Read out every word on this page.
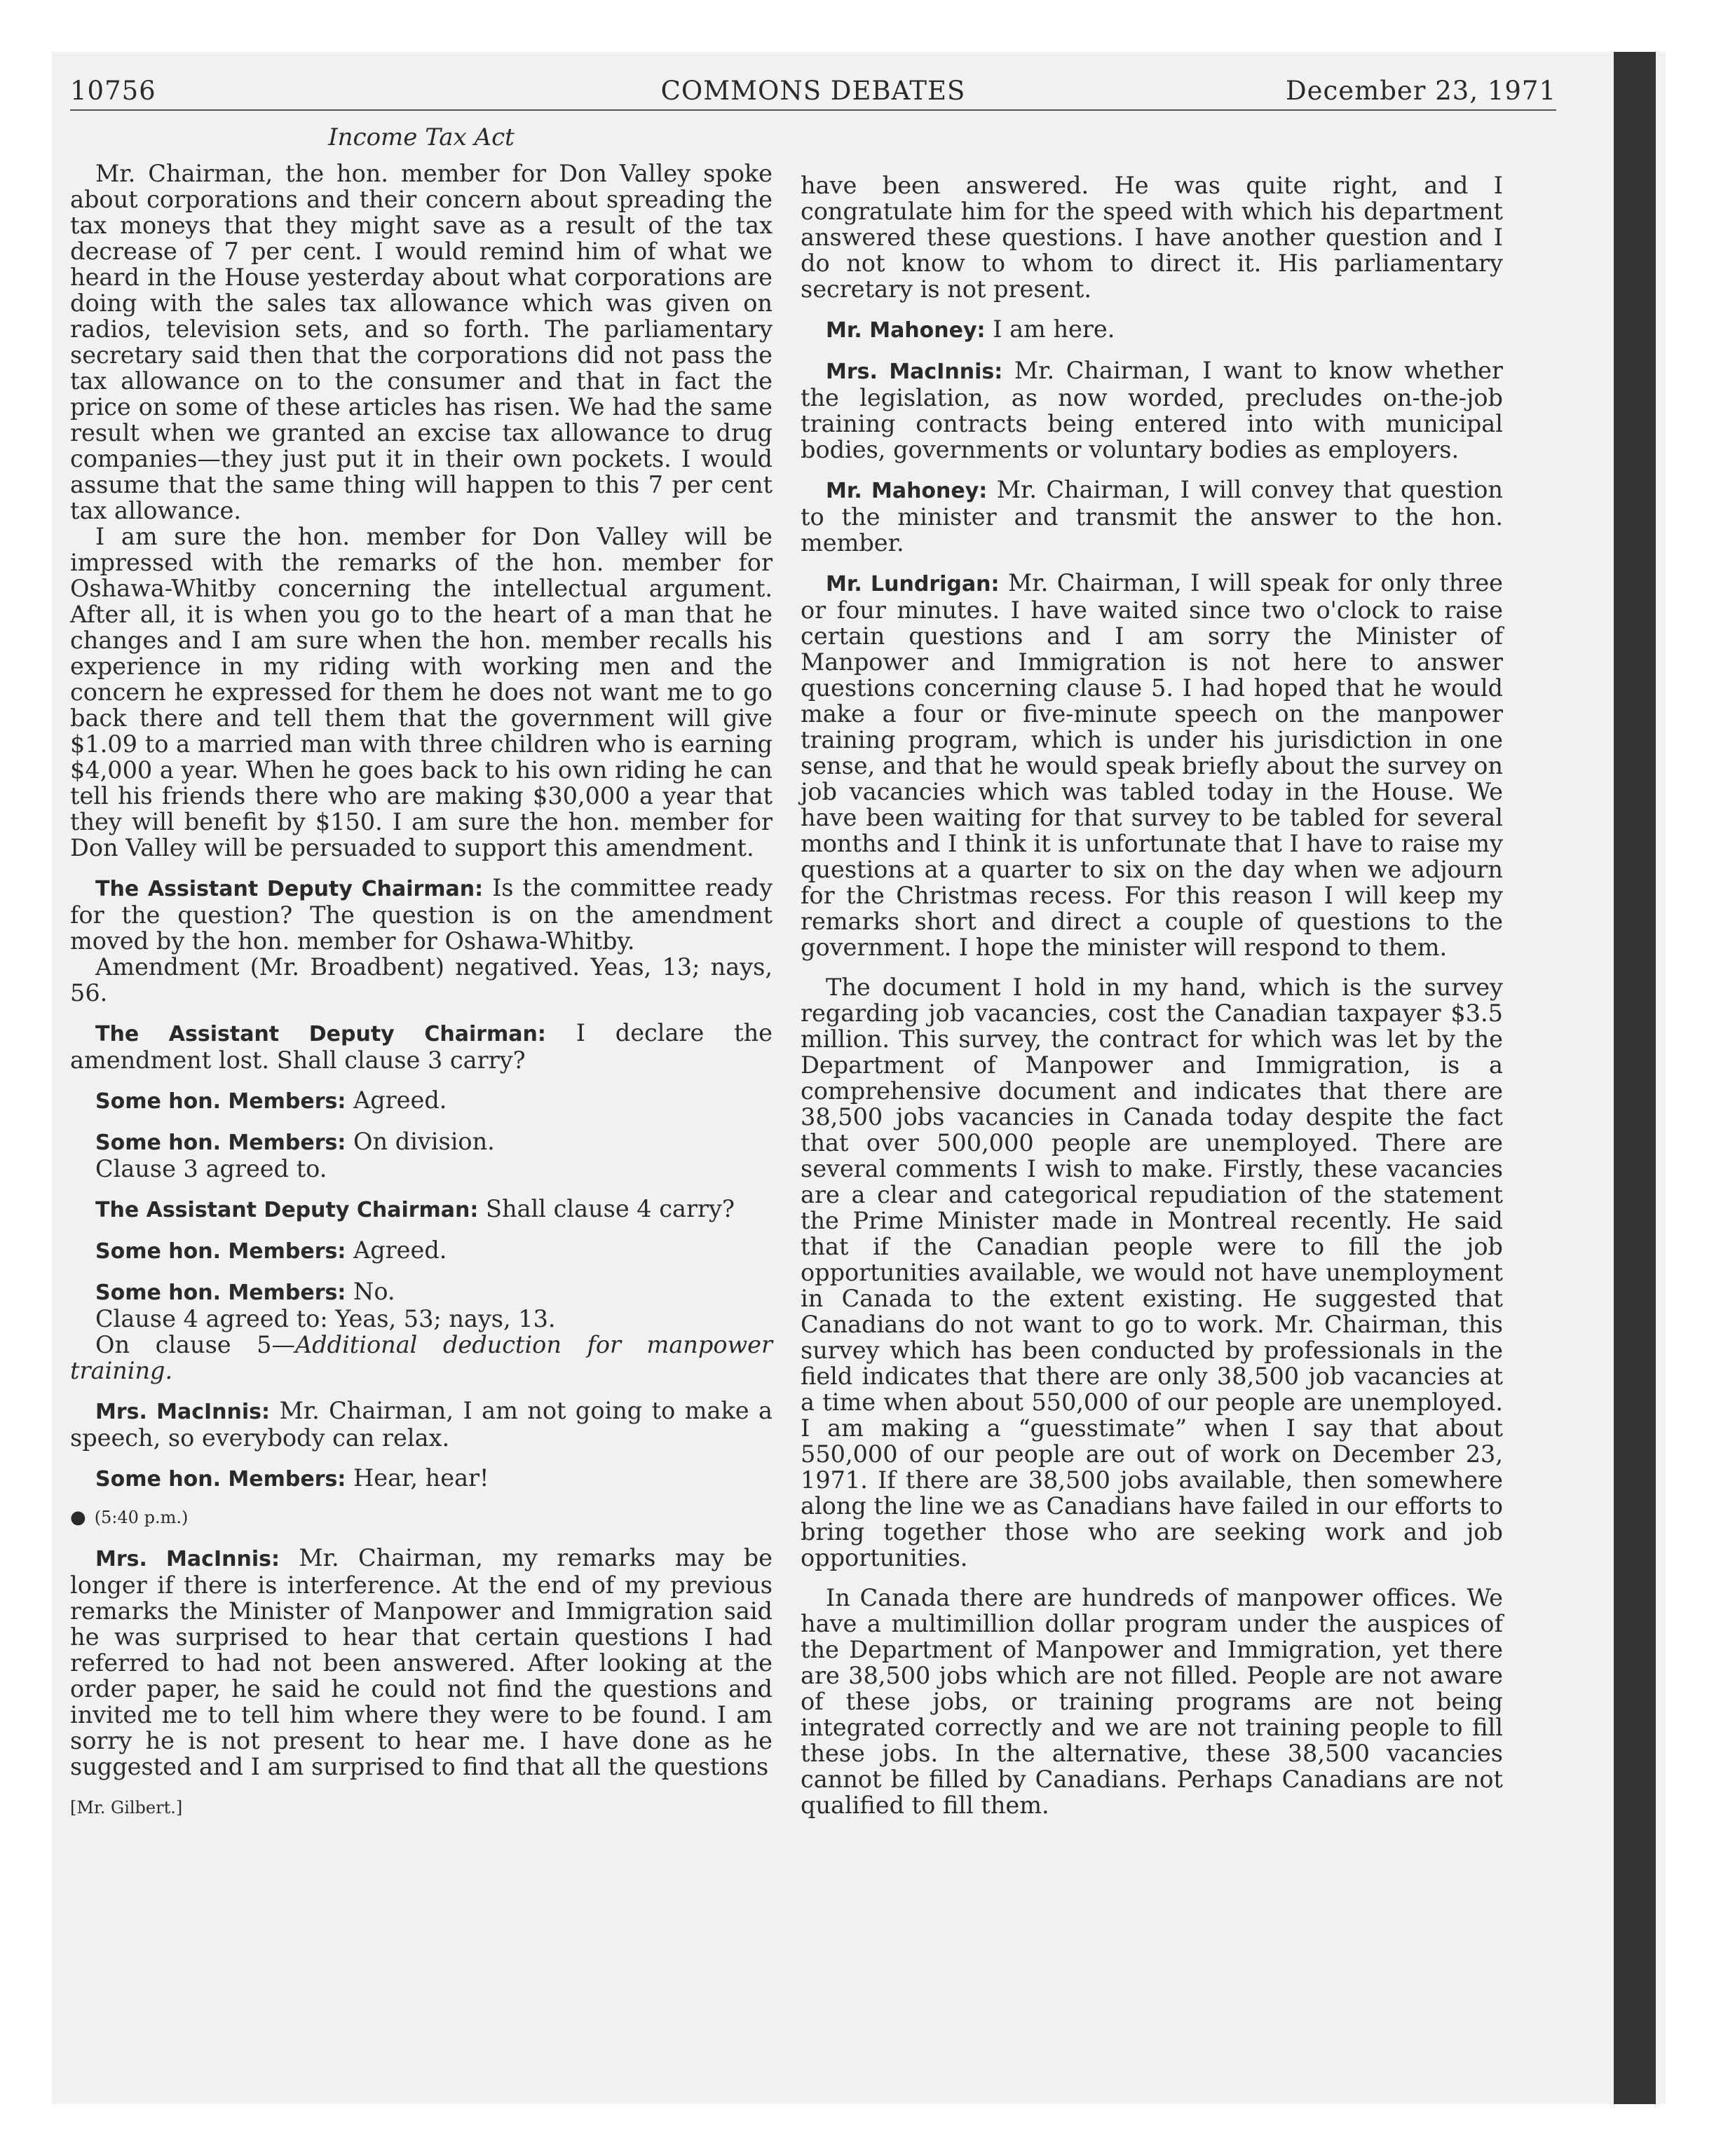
10756	COMMONS DEBATES	December 23, 1971
Income Tax Act

Mr. Chairman, the hon. member for Don Valley spoke about corporations and their concern about spreading the tax moneys that they might save as a result of the tax decrease of 7 per cent. I would remind him of what we heard in the House yesterday about what corporations are doing with the sales tax allowance which was given on radios, television sets, and so forth. The parliamentary secretary said then that the corporations did not pass the tax allowance on to the consumer and that in fact the price on some of these articles has risen. We had the same result when we granted an excise tax allowance to drug companies—they just put it in their own pockets. I would assume that the same thing will happen to this 7 per cent tax allowance.

I am sure the hon. member for Don Valley will be impressed with the remarks of the hon. member for Oshawa-Whitby concerning the intellectual argument. After all, it is when you go to the heart of a man that he changes and I am sure when the hon. member recalls his experience in my riding with working men and the concern he expressed for them he does not want me to go back there and tell them that the government will give $1.09 to a married man with three children who is earning $4,000 a year. When he goes back to his own riding he can tell his friends there who are making $30,000 a year that they will benefit by $150. I am sure the hon. member for Don Valley will be persuaded to support this amendment.

The Assistant Deputy Chairman: Is the committee ready for the question? The question is on the amendment moved by the hon. member for Oshawa-Whitby.

Amendment (Mr. Broadbent) negatived. Yeas, 13; nays, 56.

The Assistant Deputy Chairman: I declare the amendment lost. Shall clause 3 carry?

Some hon. Members: Agreed.

Some hon. Members: On division.

Clause 3 agreed to.

The Assistant Deputy Chairman: Shall clause 4 carry?

Some hon. Members: Agreed.

Some hon. Members: No.

Clause 4 agreed to: Yeas, 53; nays, 13.

On clause 5—Additional deduction for manpower training.

Mrs. MacInnis: Mr. Chairman, I am not going to make a speech, so everybody can relax.

Some hon. Members: Hear, hear!

● (5:40 p.m.)

Mrs. MacInnis: Mr. Chairman, my remarks may be longer if there is interference. At the end of my previous remarks the Minister of Manpower and Immigration said he was surprised to hear that certain questions I had referred to had not been answered. After looking at the order paper, he said he could not find the questions and invited me to tell him where they were to be found. I am sorry he is not present to hear me. I have done as he suggested and I am surprised to find that all the questions

[Mr. Gilbert.]

have been answered. He was quite right, and I congratulate him for the speed with which his department answered these questions. I have another question and I do not know to whom to direct it. His parliamentary secretary is not present.

Mr. Mahoney: I am here.

Mrs. MacInnis: Mr. Chairman, I want to know whether the legislation, as now worded, precludes on-the-job training contracts being entered into with municipal bodies, governments or voluntary bodies as employers.

Mr. Mahoney: Mr. Chairman, I will convey that question to the minister and transmit the answer to the hon. member.

Mr. Lundrigan: Mr. Chairman, I will speak for only three or four minutes. I have waited since two o'clock to raise certain questions and I am sorry the Minister of Manpower and Immigration is not here to answer questions concerning clause 5. I had hoped that he would make a four or five-minute speech on the manpower training program, which is under his jurisdiction in one sense, and that he would speak briefly about the survey on job vacancies which was tabled today in the House. We have been waiting for that survey to be tabled for several months and I think it is unfortunate that I have to raise my questions at a quarter to six on the day when we adjourn for the Christmas recess. For this reason I will keep my remarks short and direct a couple of questions to the government. I hope the minister will respond to them.

The document I hold in my hand, which is the survey regarding job vacancies, cost the Canadian taxpayer $3.5 million. This survey, the contract for which was let by the Department of Manpower and Immigration, is a comprehensive document and indicates that there are 38,500 jobs vacancies in Canada today despite the fact that over 500,000 people are unemployed. There are several comments I wish to make. Firstly, these vacancies are a clear and categorical repudiation of the statement the Prime Minister made in Montreal recently. He said that if the Canadian people were to fill the job opportunities available, we would not have unemployment in Canada to the extent existing. He suggested that Canadians do not want to go to work. Mr. Chairman, this survey which has been conducted by professionals in the field indicates that there are only 38,500 job vacancies at a time when about 550,000 of our people are unemployed. I am making a “guesstimate” when I say that about 550,000 of our people are out of work on December 23, 1971. If there are 38,500 jobs available, then somewhere along the line we as Canadians have failed in our efforts to bring together those who are seeking work and job opportunities.

In Canada there are hundreds of manpower offices. We have a multimillion dollar program under the auspices of the Department of Manpower and Immigration, yet there are 38,500 jobs which are not filled. People are not aware of these jobs, or training programs are not being integrated correctly and we are not training people to fill these jobs. In the alternative, these 38,500 vacancies cannot be filled by Canadians. Perhaps Canadians are not qualified to fill them.
